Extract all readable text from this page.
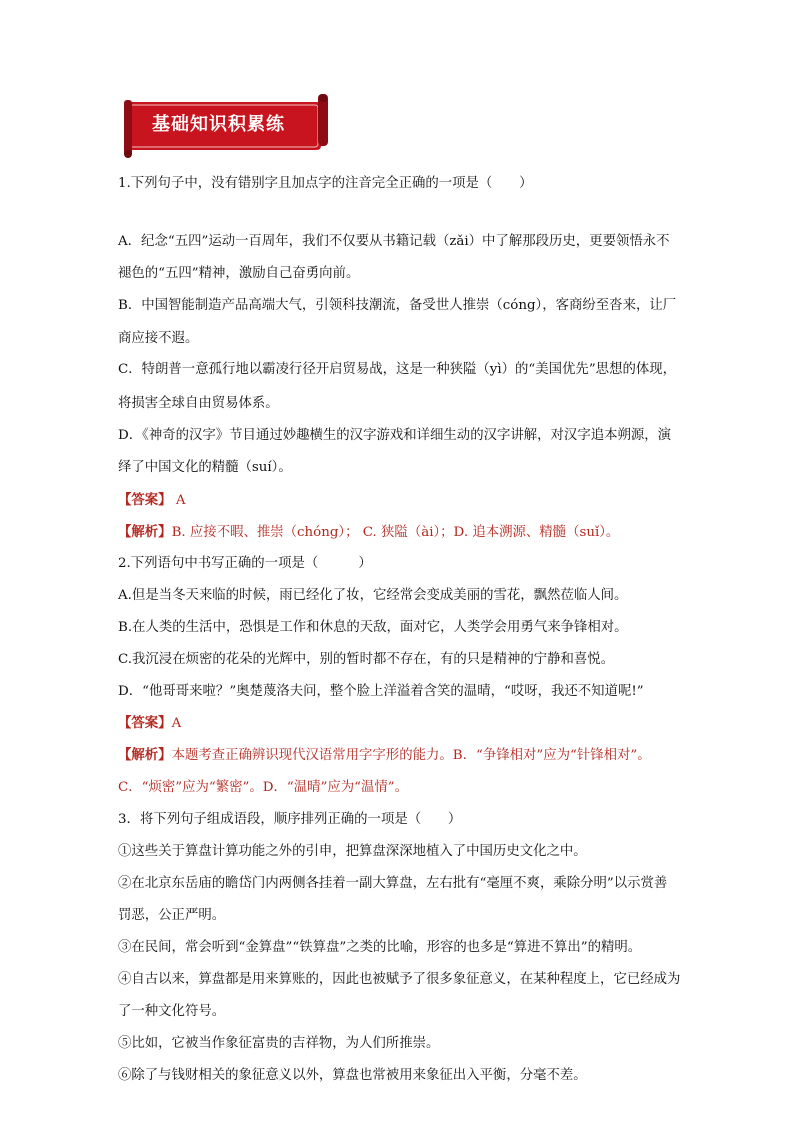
基础知识积累练
1.下列句子中，没有错别字且加点字的注音完全正确的一项是（　　）
A．纪念“五四”运动一百周年，我们不仅要从书籍记载（zǎi）中了解那段历史，更要领悟永不
褪色的“五四”精神，激励自己奋勇向前。
B．中国智能制造产品高端大气，引领科技潮流，备受世人推崇（cóng），客商纷至沓来，让厂
商应接不遐。
C．特朗普一意孤行地以霸凌行径开启贸易战，这是一种狭隘（yì）的“美国优先”思想的体现，
将损害全球自由贸易体系。
D．《神奇的汉字》节目通过妙趣横生的汉字游戏和详细生动的汉字讲解，对汉字追本朔源，演
绎了中国文化的精髓（suí）。
【答案】 A
【解析】B. 应接不暇、推崇（chóng）； C. 狭隘（ài）；D. 追本溯源、精髓（suǐ）。
2.下列语句中书写正确的一项是（　　　）
A.但是当冬天来临的时候，雨已经化了妆，它经常会变成美丽的雪花，飘然莅临人间。
B.在人类的生活中，恐惧是工作和休息的天敌，面对它，人类学会用勇气来争锋相对。
C.我沉浸在烦密的花朵的光辉中，别的暂时都不存在，有的只是精神的宁静和喜悦。
D．“他哥哥来啦？”奥楚蔑洛夫问，整个脸上洋溢着含笑的温晴，“哎呀，我还不知道呢!”
【答案】A
【解析】本题考查正确辨识现代汉语常用字字形的能力。B．“争锋相对”应为“针锋相对”。
C．“烦密”应为“繁密”。D．“温晴”应为“温情”。
3．将下列句子组成语段，顺序排列正确的一项是（　　）
①这些关于算盘计算功能之外的引申，把算盘深深地植入了中国历史文化之中。
②在北京东岳庙的瞻岱门内两侧各挂着一副大算盘，左右批有“毫厘不爽，乘除分明”以示赏善
罚恶，公正严明。
③在民间，常会听到“金算盘”“铁算盘”之类的比喻，形容的也多是“算进不算出”的精明。
④自古以来，算盘都是用来算账的，因此也被赋予了很多象征意义，在某种程度上，它已经成为
了一种文化符号。
⑤比如，它被当作象征富贵的吉祥物，为人们所推崇。
⑥除了与钱财相关的象征意义以外，算盘也常被用来象征出入平衡，分毫不差。
